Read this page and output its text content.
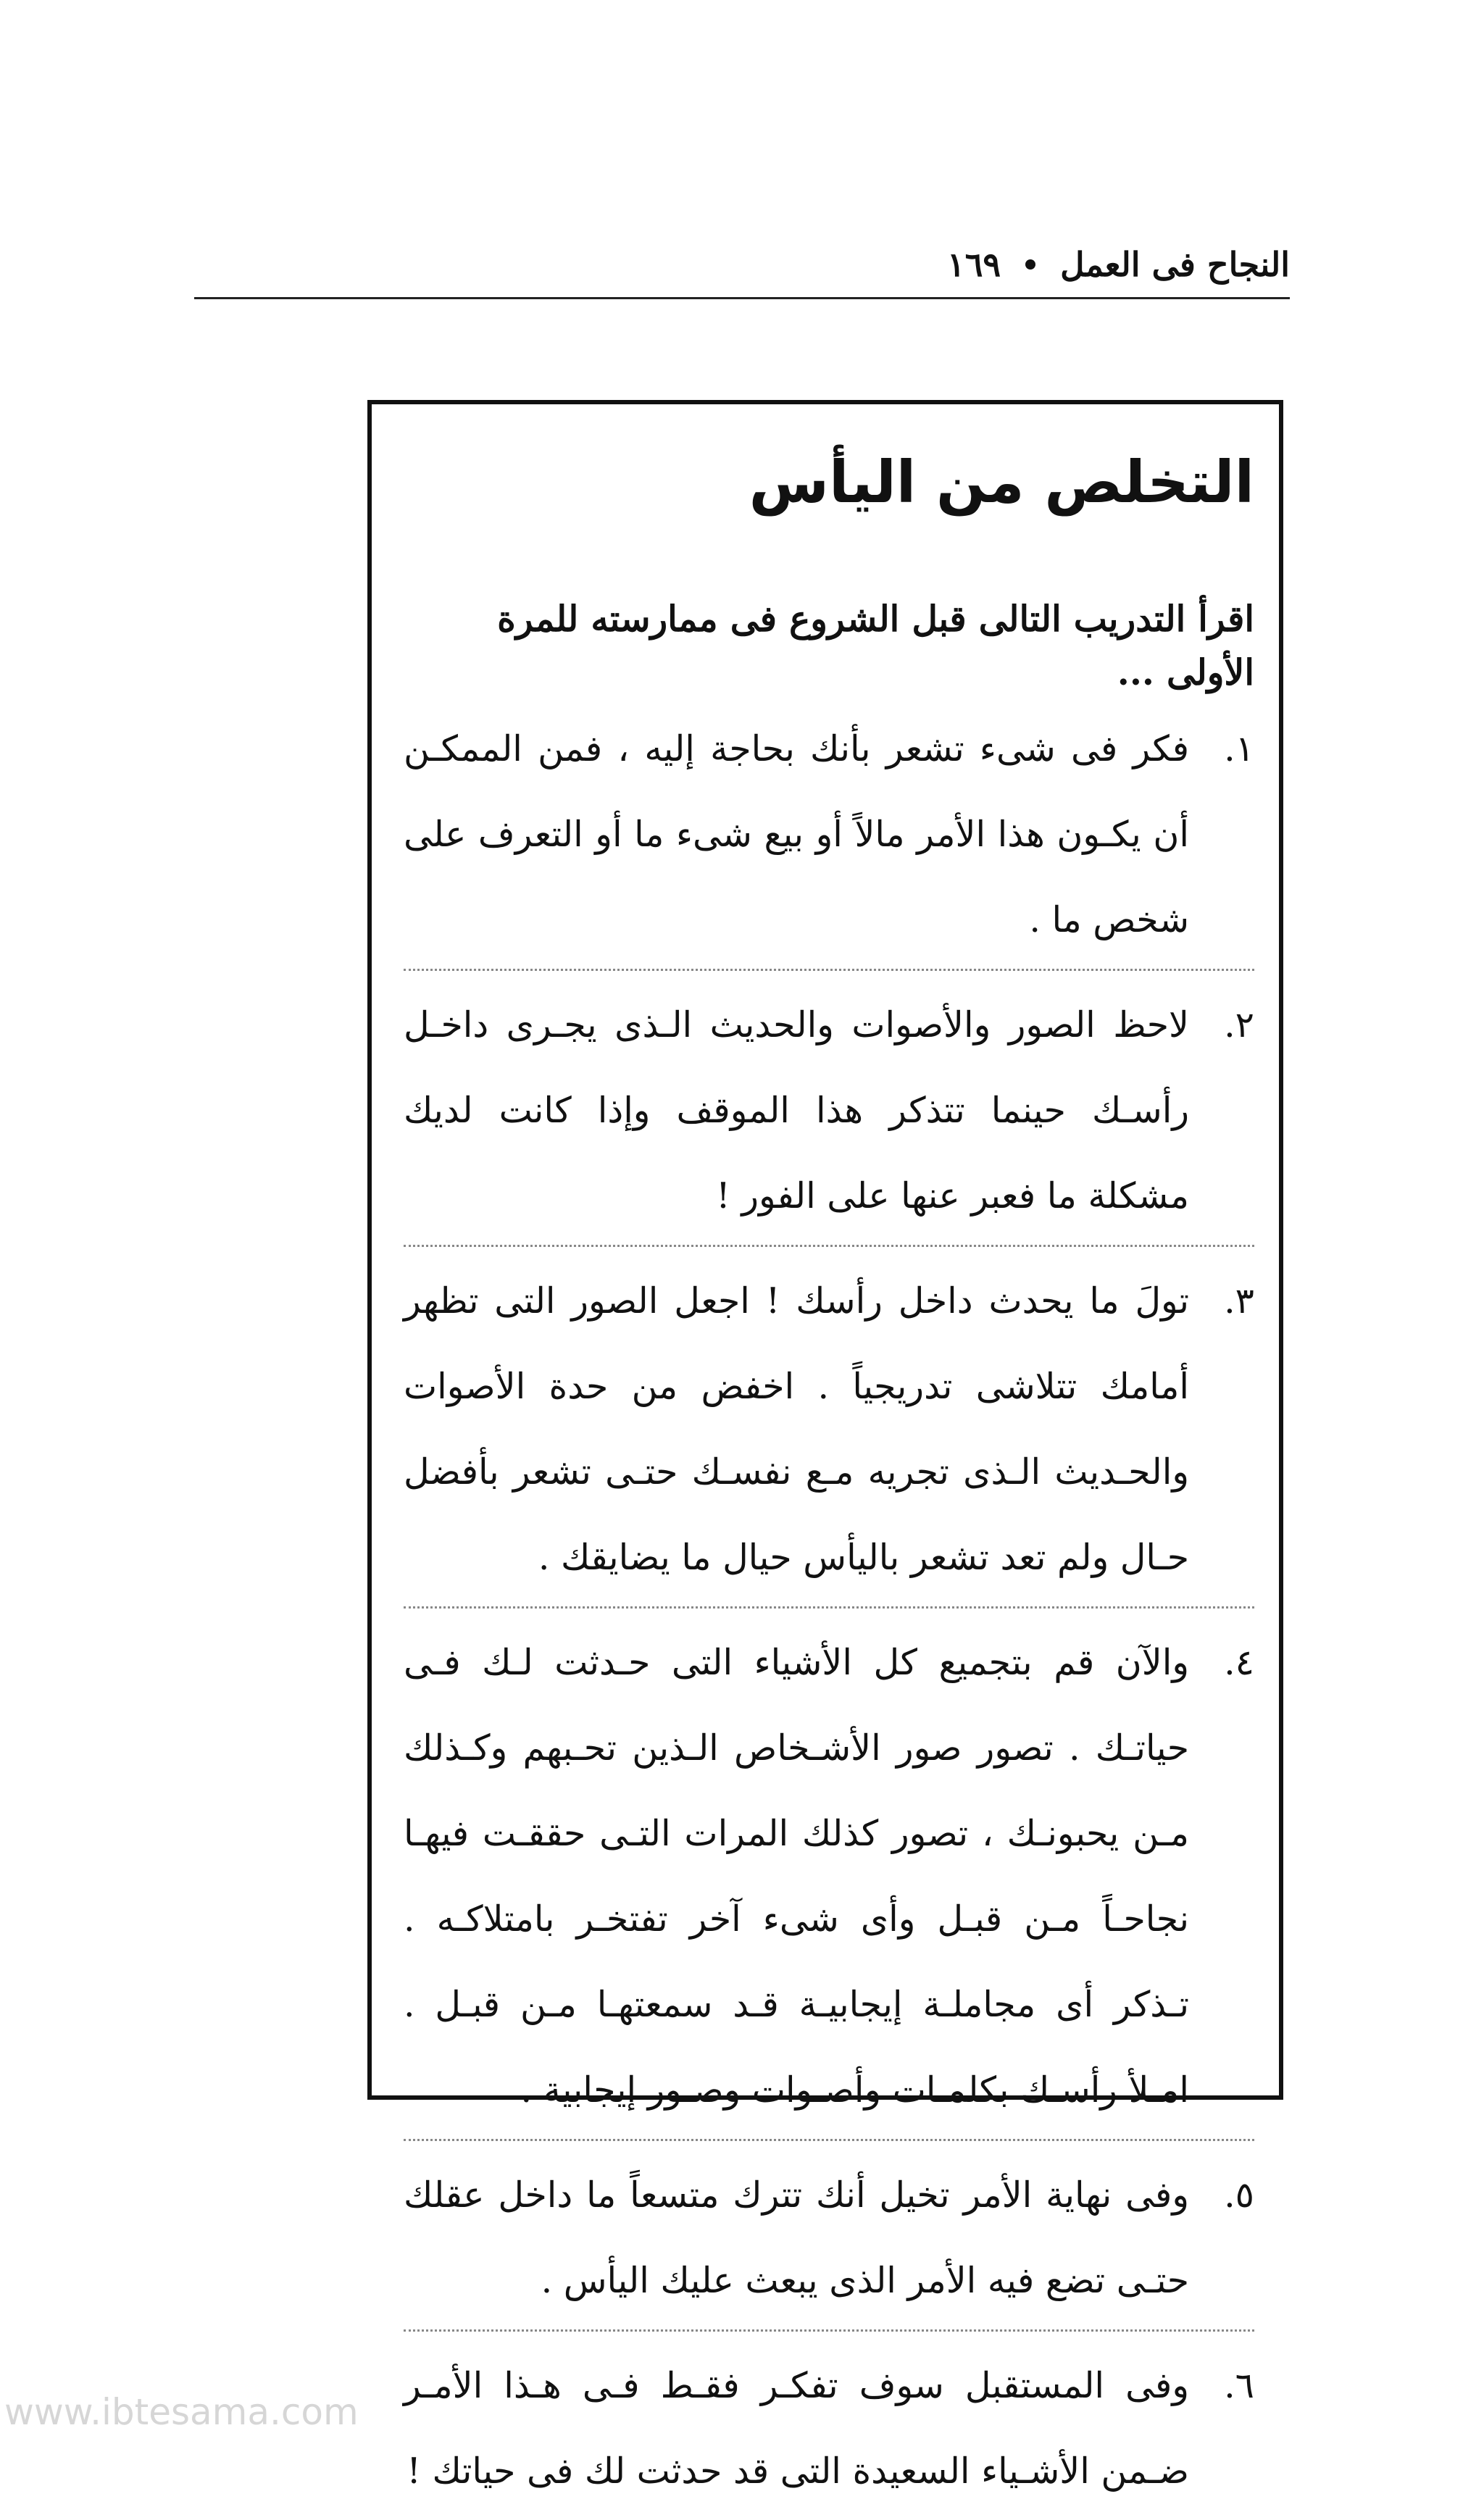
النجاح فى العمل
١٦٩
التخلص من اليأس

اقرأ التدريب التالى قبل الشروع فى ممارسته للمرة الأولى ...

١.
فكر فى شىء تشعر بأنك بحاجة إليه ، فمن الممكـن أن يكـون هذا الأمر مالاً أو بيع شىء ما أو التعرف على شخص ما .
٢.
لاحظ الصور والأصوات والحديث الـذى يجـرى داخـل رأسـك حينما تتذكر هذا الموقف وإذا كانت لديك مشكلة ما فعبر عنها على الفور !
٣.
تولَ ما يحدث داخل رأسك ! اجعل الصور التى تظهر أمامك تتلاشى تدريجياً . اخفض من حدة الأصوات والحـديث الـذى تجريه مـع نفسـك حتـى تشعر بأفضل حـال ولم تعد تشعر باليأس حيال ما يضايقك .
٤.
والآن قم بتجميع كل الأشياء التى حـدثت لـك فـى حياتـك . تصور صور الأشـخاص الـذين تحـبهم وكـذلك مـن يحبونـك ، تصور كذلك المرات التـى حققـت فيهـا نجاحـاً مـن قبـل وأى شىء آخر تفتخـر بامتلاكـه . تـذكر أى مجاملـة إيجابيـة قـد سمعتهـا مـن قبـل . امـلأ رأسـك بكلمـات وأصـوات وصـور إيجابية .
٥.
وفى نهاية الأمر تخيل أنك تترك متسعاً ما داخل عقلك حتـى تضع فيه الأمر الذى يبعث عليك اليأس .
٦.
وفى المستقبل سوف تفكـر فقـط فـى هـذا الأمـر ضـمن الأشـياء السعيدة التى قد حدثت لك فى حياتك !
www.ibtesama.com
